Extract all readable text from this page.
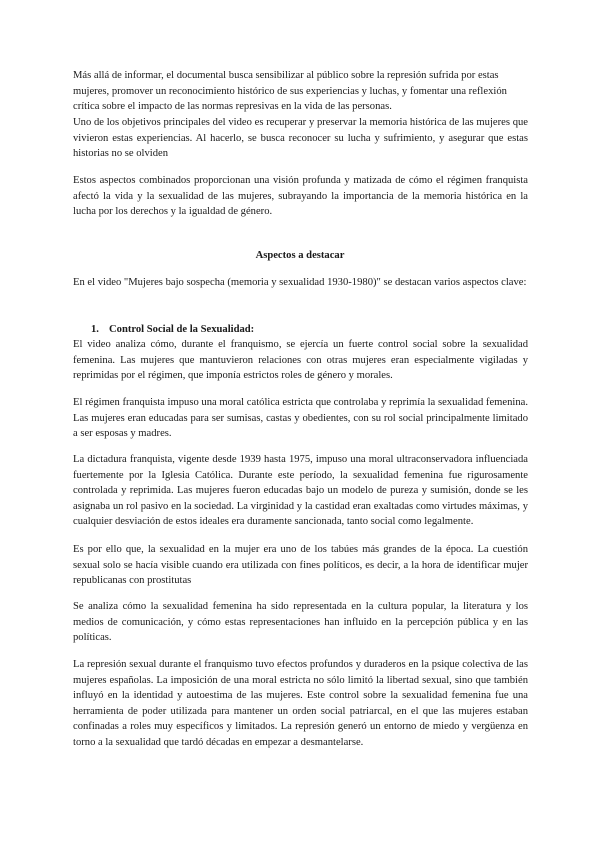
Más allá de informar, el documental busca sensibilizar al público sobre la represión sufrida por estas mujeres, promover un reconocimiento histórico de sus experiencias y luchas, y fomentar una reflexión crítica sobre el impacto de las normas represivas en la vida de las personas.

Uno de los objetivos principales del video es recuperar y preservar la memoria histórica de las mujeres que vivieron estas experiencias. Al hacerlo, se busca reconocer su lucha y sufrimiento, y asegurar que estas historias no se olviden

Estos aspectos combinados proporcionan una visión profunda y matizada de cómo el régimen franquista afectó la vida y la sexualidad de las mujeres, subrayando la importancia de la memoria histórica en la lucha por los derechos y la igualdad de género.

Aspectos a destacar

En el video "Mujeres bajo sospecha (memoria y sexualidad 1930-1980)" se destacan varios aspectos clave:

1. Control Social de la Sexualidad:

El video analiza cómo, durante el franquismo, se ejercía un fuerte control social sobre la sexualidad femenina. Las mujeres que mantuvieron relaciones con otras mujeres eran especialmente vigiladas y reprimidas por el régimen, que imponía estrictos roles de género y morales.

El régimen franquista impuso una moral católica estricta que controlaba y reprimía la sexualidad femenina. Las mujeres eran educadas para ser sumisas, castas y obedientes, con su rol social principalmente limitado a ser esposas y madres.

La dictadura franquista, vigente desde 1939 hasta 1975, impuso una moral ultraconservadora influenciada fuertemente por la Iglesia Católica. Durante este período, la sexualidad femenina fue rigurosamente controlada y reprimida. Las mujeres fueron educadas bajo un modelo de pureza y sumisión, donde se les asignaba un rol pasivo en la sociedad. La virginidad y la castidad eran exaltadas como virtudes máximas, y cualquier desviación de estos ideales era duramente sancionada, tanto social como legalmente.

Es por ello que, la sexualidad en la mujer era uno de los tabúes más grandes de la época. La cuestión sexual solo se hacía visible cuando era utilizada con fines políticos, es decir, a la hora de identificar mujer republicanas con prostitutas

Se analiza cómo la sexualidad femenina ha sido representada en la cultura popular, la literatura y los medios de comunicación, y cómo estas representaciones han influido en la percepción pública y en las políticas.

La represión sexual durante el franquismo tuvo efectos profundos y duraderos en la psique colectiva de las mujeres españolas. La imposición de una moral estricta no sólo limitó la libertad sexual, sino que también influyó en la identidad y autoestima de las mujeres. Este control sobre la sexualidad femenina fue una herramienta de poder utilizada para mantener un orden social patriarcal, en el que las mujeres estaban confinadas a roles muy específicos y limitados. La represión generó un entorno de miedo y vergüenza en torno a la sexualidad que tardó décadas en empezar a desmantelarse.
